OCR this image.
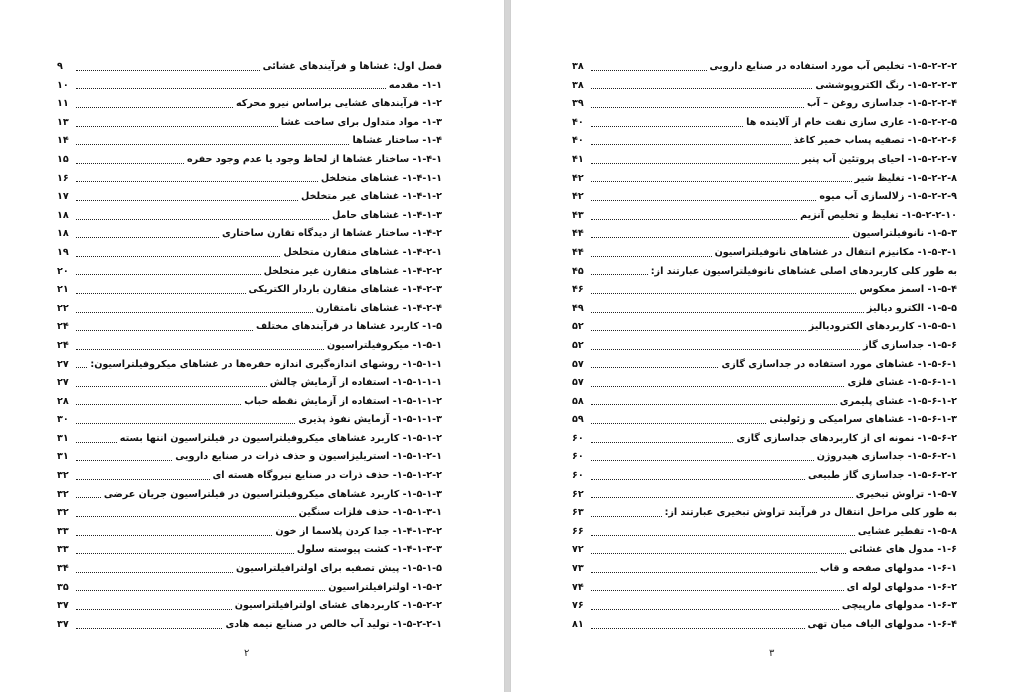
فصل اول: غشاها و فرآیندهای غشائی
۹
۱-۱- مقدمه
۱۰
۱-۲- فرآیندهای غشایی براساس نیرو محرکه
۱۱
۱-۳- مواد متداول برای ساخت غشا
۱۳
۱-۴- ساختار غشاها
۱۴
۱-۴-۱- ساختار غشاها از لحاظ وجود یا عدم وجود حفره
۱۵
۱-۴-۱-۱- غشاهای متخلخل
۱۶
۱-۴-۱-۲- غشاهای غیر متخلخل
۱۷
۱-۴-۱-۳- غشاهای حامل
۱۸
۱-۴-۲- ساختار غشاها از دیدگاه تقارن ساختاری
۱۸
۱-۴-۲-۱- غشاهای متقارن متخلخل
۱۹
۱-۴-۲-۲- غشاهای متقارن غیر متخلخل
۲۰
۱-۴-۲-۳- غشاهای متقارن باردار الکتریکی
۲۱
۱-۴-۲-۴- غشاهای نامتقارن
۲۲
۱-۵- کاربرد غشاها در فرآیندهای مختلف
۲۴
۱-۵-۱- میکروفیلتراسیون
۲۴
۱-۵-۱-۱- روشهای اندازه‌گیری اندازه حفره‌ها در غشاهای میکروفیلتراسیون:
۲۷
۱-۵-۱-۱-۱- استفاده از آزمایش چالش
۲۷
۱-۵-۱-۱-۲- استفاده از آزمایش نقطه حباب
۲۸
۱-۵-۱-۱-۳- آزمایش نفوذ پذیری
۳۰
۱-۵-۱-۲- کاربرد غشاهای میکروفیلتراسیون در فیلتراسیون انتها بسته
۳۱
۱-۵-۱-۲-۱- استریلیزاسیون و حذف ذرات در صنایع دارویی
۳۱
۱-۵-۱-۲-۲- حذف ذرات در صنایع نیروگاه هسته ای
۳۲
۱-۵-۱-۳- کاربرد غشاهای میکروفیلتراسیون در فیلتراسیون جریان عرضی
۳۲
۱-۵-۱-۳-۱- حذف فلزات سنگین
۳۲
۱-۴-۱-۳-۲- جدا کردن پلاسما از خون
۳۳
۱-۴-۱-۳-۳- کشت پیوسته سلول
۳۳
۱-۵-۱-۵- پیش تصفیه برای اولترافیلتراسیون
۳۴
۱-۵-۲- اولترافیلتراسیون
۳۵
۱-۵-۲-۲- کاربردهای غشای اولترافیلتراسیون
۳۷
۱-۵-۲-۲-۱- تولید آب خالص در صنایع نیمه هادی
۳۷
۲
۱-۵-۲-۲-۲- تخلیص آب مورد استفاده در صنایع دارویی
۳۸
۱-۵-۲-۲-۳- رنگ الکتروپوششی
۳۸
۱-۵-۲-۲-۴- جداسازی روغن – آب
۳۹
۱-۵-۲-۲-۵- عاری سازی نفت خام از آلاینده ها
۴۰
۱-۵-۲-۲-۶- تصفیه پساب خمیر کاغذ
۴۰
۱-۵-۲-۲-۷- احیای پروتئین آب پنیر
۴۱
۱-۵-۲-۲-۸- تغلیظ شیر
۴۲
۱-۵-۲-۲-۹- زلالسازی آب میوه
۴۲
۱-۵-۲-۲-۱۰- تغلیظ و تخلیص آنزیم
۴۳
۱-۵-۳- نانوفیلتراسیون
۴۴
۱-۵-۳-۱- مکانیزم انتقال در غشاهای نانوفیلتراسیون
۴۴
به طور کلی کاربردهای اصلی غشاهای نانوفیلتراسیون عبارتند از:
۴۵
۱-۵-۴- اسمز معکوس
۴۶
۱-۵-۵- الکترو دیالیز
۴۹
۱-۵-۵-۱- کاربردهای الکترودیالیز
۵۲
۱-۵-۶- جداسازی گاز
۵۲
۱-۵-۶-۱- غشاهای مورد استفاده در جداسازی گازی
۵۷
۱-۵-۶-۱-۱- غشای فلزی
۵۷
۱-۵-۶-۱-۲- غشای پلیمری
۵۸
۱-۵-۶-۱-۳- غشاهای سرامیکی و زئولیتی
۵۹
۱-۵-۶-۲- نمونه ای از کاربردهای جداسازی گازی
۶۰
۱-۵-۶-۲-۱- جداسازی هیدروژن
۶۰
۱-۵-۶-۲-۲- جداسازی گاز طبیعی
۶۰
۱-۵-۷- تراوش تبخیری
۶۲
به طور کلی مراحل انتقال در فرآیند تراوش تبخیری عبارتند از:
۶۳
۱-۵-۸- تقطیر غشایی
۶۶
۱-۶- مدول های غشائی
۷۲
۱-۶-۱- مدولهای صفحه و قاب
۷۳
۱-۶-۲- مدولهای لوله ای
۷۴
۱-۶-۳- مدولهای مارپیچی
۷۶
۱-۶-۴- مدولهای الیاف میان تهی
۸۱
۳
